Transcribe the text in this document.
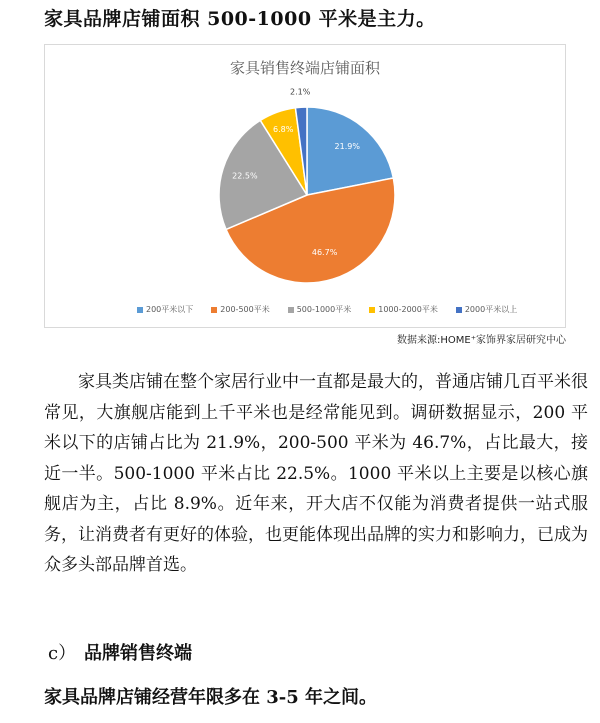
家具品牌店铺面积 500-1000 平米是主力。
家具销售终端店铺面积
21.9%
46.7%
22.5%
6.8%
2.1%
200平米以下	200-500平米	500-1000平米	1000-2000平米	2000平米以上
数据来源:HOME⁺家饰界家居研究中心

家具类店铺在整个家居行业中一直都是最大的，普通店铺几百平米很常见，大旗舰店能到上千平米也是经常能见到。调研数据显示，200 平米以下的店铺占比为 21.9%，200-500 平米为 46.7%，占比最大，接近一半。500-1000 平米占比 22.5%。1000 平米以上主要是以核心旗舰店为主，占比 8.9%。近年来，开大店不仅能为消费者提供一站式服务，让消费者有更好的体验，也更能体现出品牌的实力和影响力，已成为众多头部品牌首选。

c） 品牌销售终端
家具品牌店铺经营年限多在 3-5 年之间。
